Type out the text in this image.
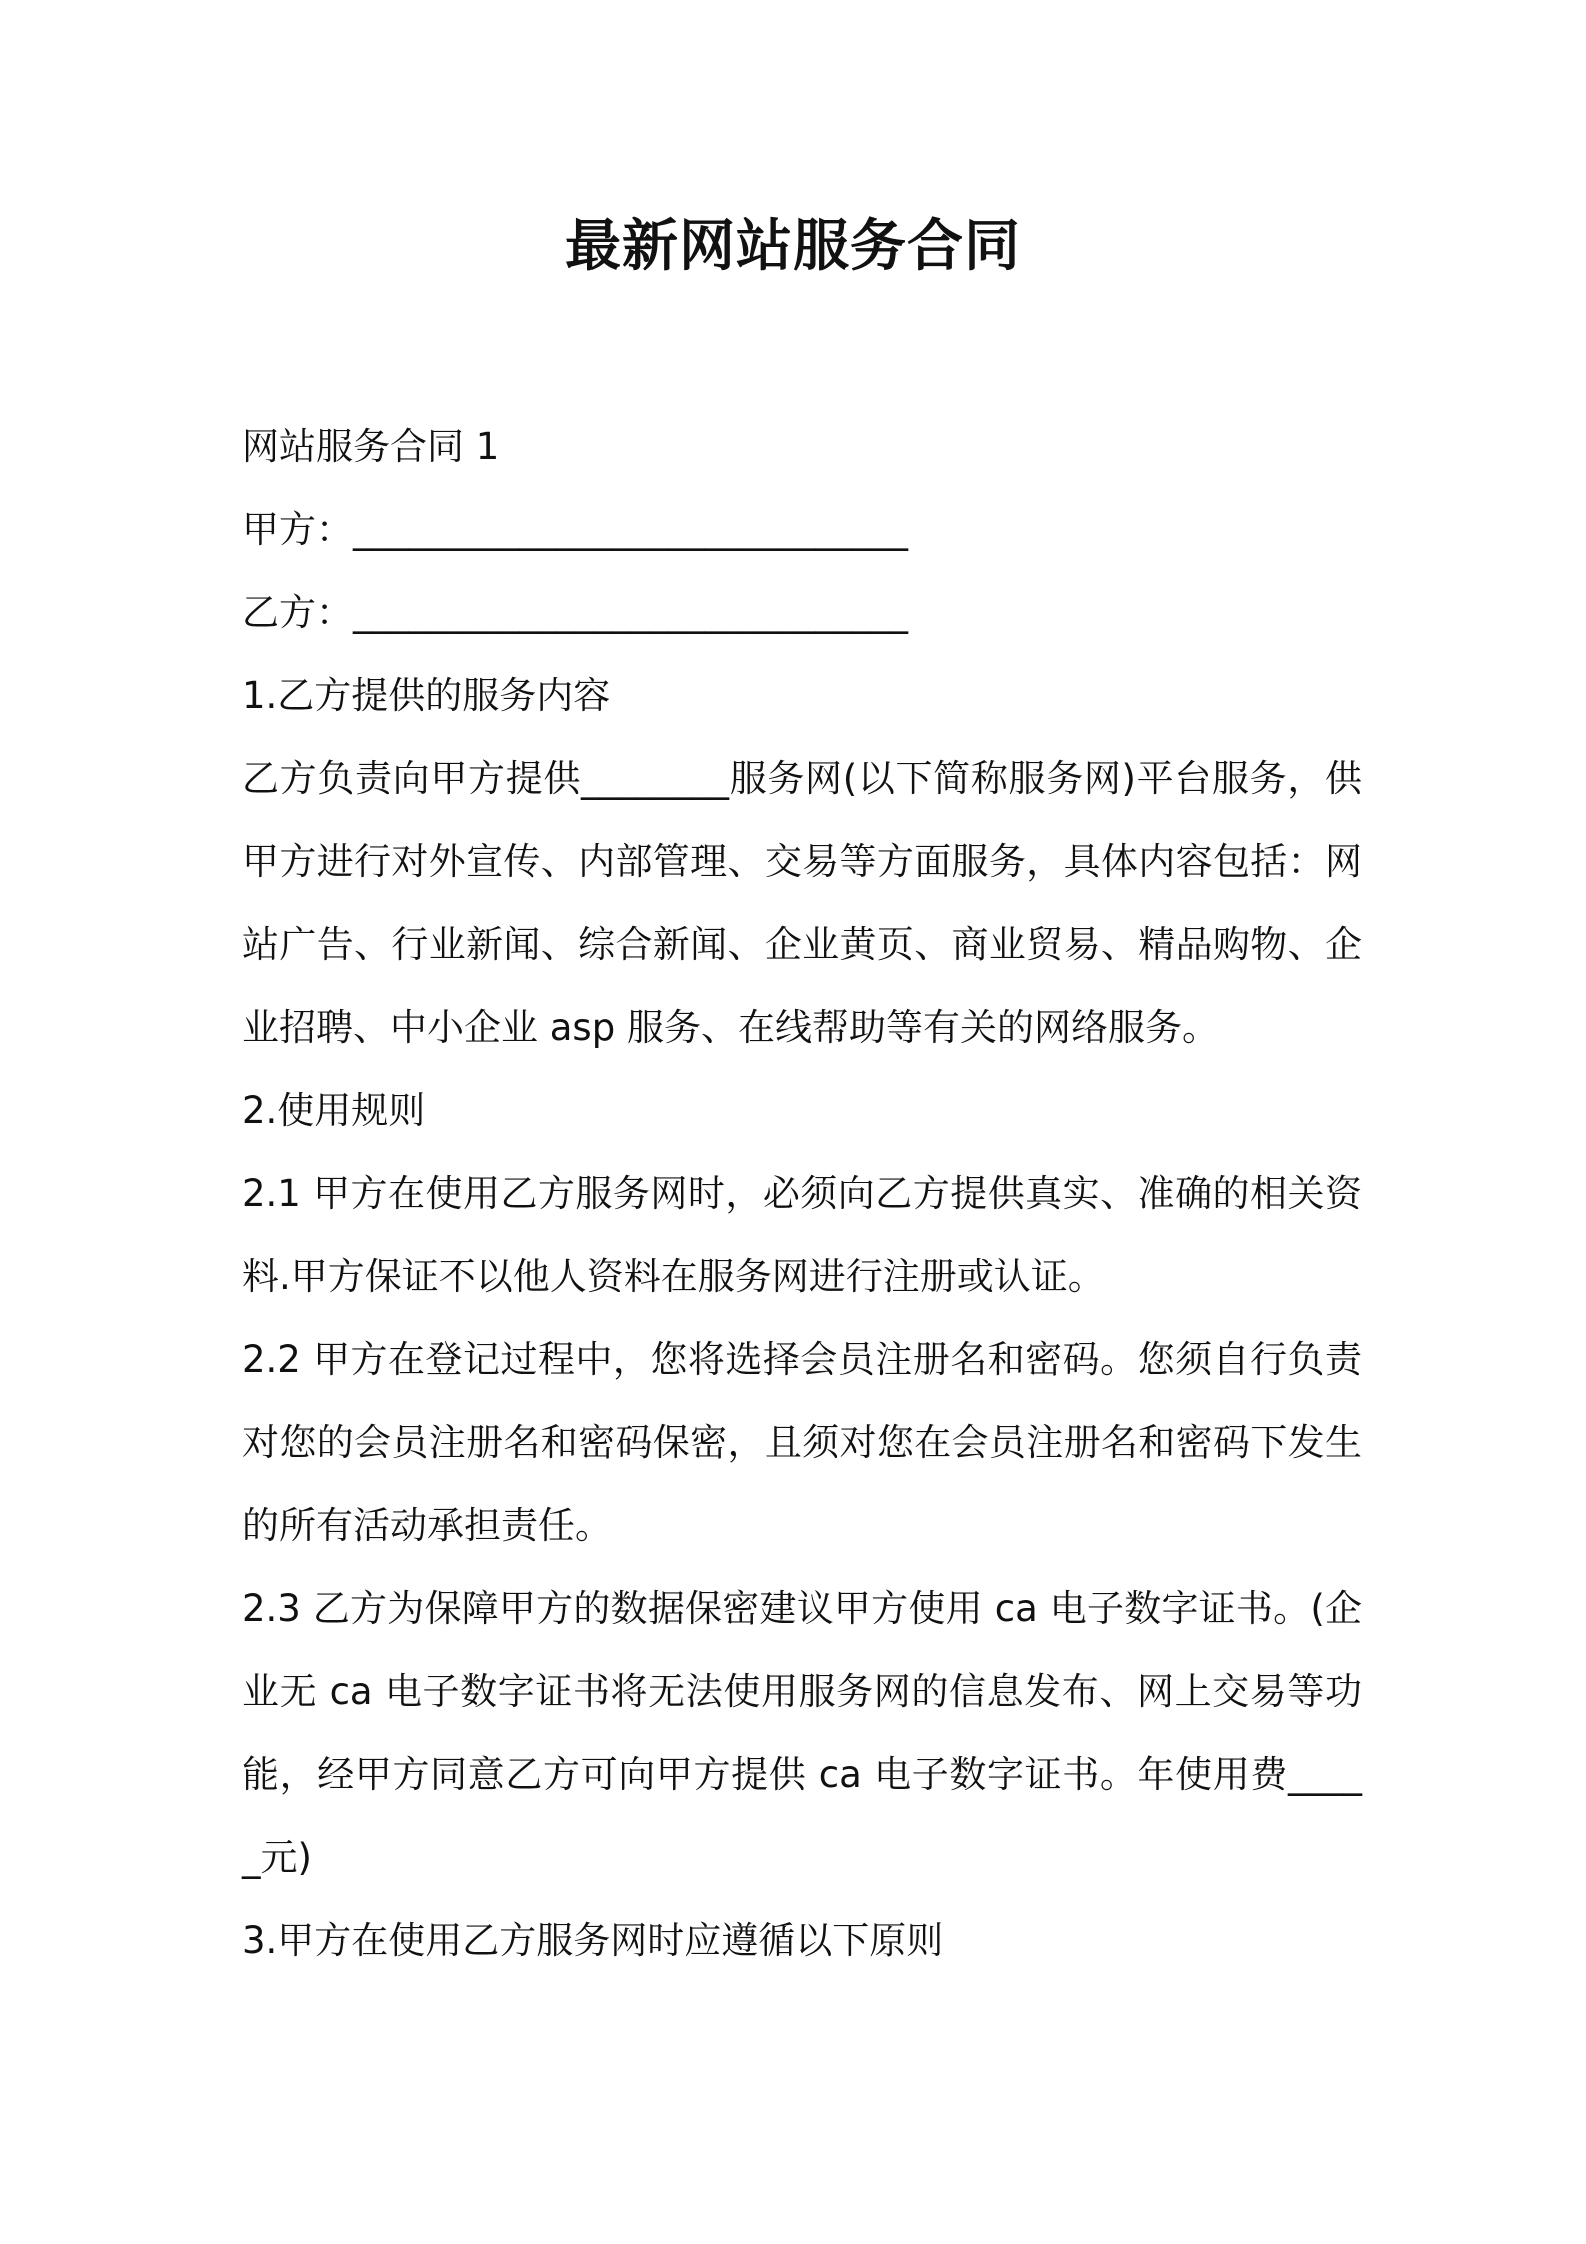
最新网站服务合同

网站服务合同 1

甲方：______________________________

乙方：______________________________

1.乙方提供的服务内容

乙方负责向甲方提供________服务网(以下简称服务网)平台服务，供甲方进行对外宣传、内部管理、交易等方面服务，具体内容包括：网站广告、行业新闻、综合新闻、企业黄页、商业贸易、精品购物、企业招聘、中小企业 asp 服务、在线帮助等有关的网络服务。

2.使用规则

2.1 甲方在使用乙方服务网时，必须向乙方提供真实、准确的相关资料.甲方保证不以他人资料在服务网进行注册或认证。

2.2 甲方在登记过程中，您将选择会员注册名和密码。您须自行负责对您的会员注册名和密码保密，且须对您在会员注册名和密码下发生的所有活动承担责任。

2.3 乙方为保障甲方的数据保密建议甲方使用 ca 电子数字证书。(企业无 ca 电子数字证书将无法使用服务网的信息发布、网上交易等功能，经甲方同意乙方可向甲方提供 ca 电子数字证书。年使用费_____元)

3.甲方在使用乙方服务网时应遵循以下原则
